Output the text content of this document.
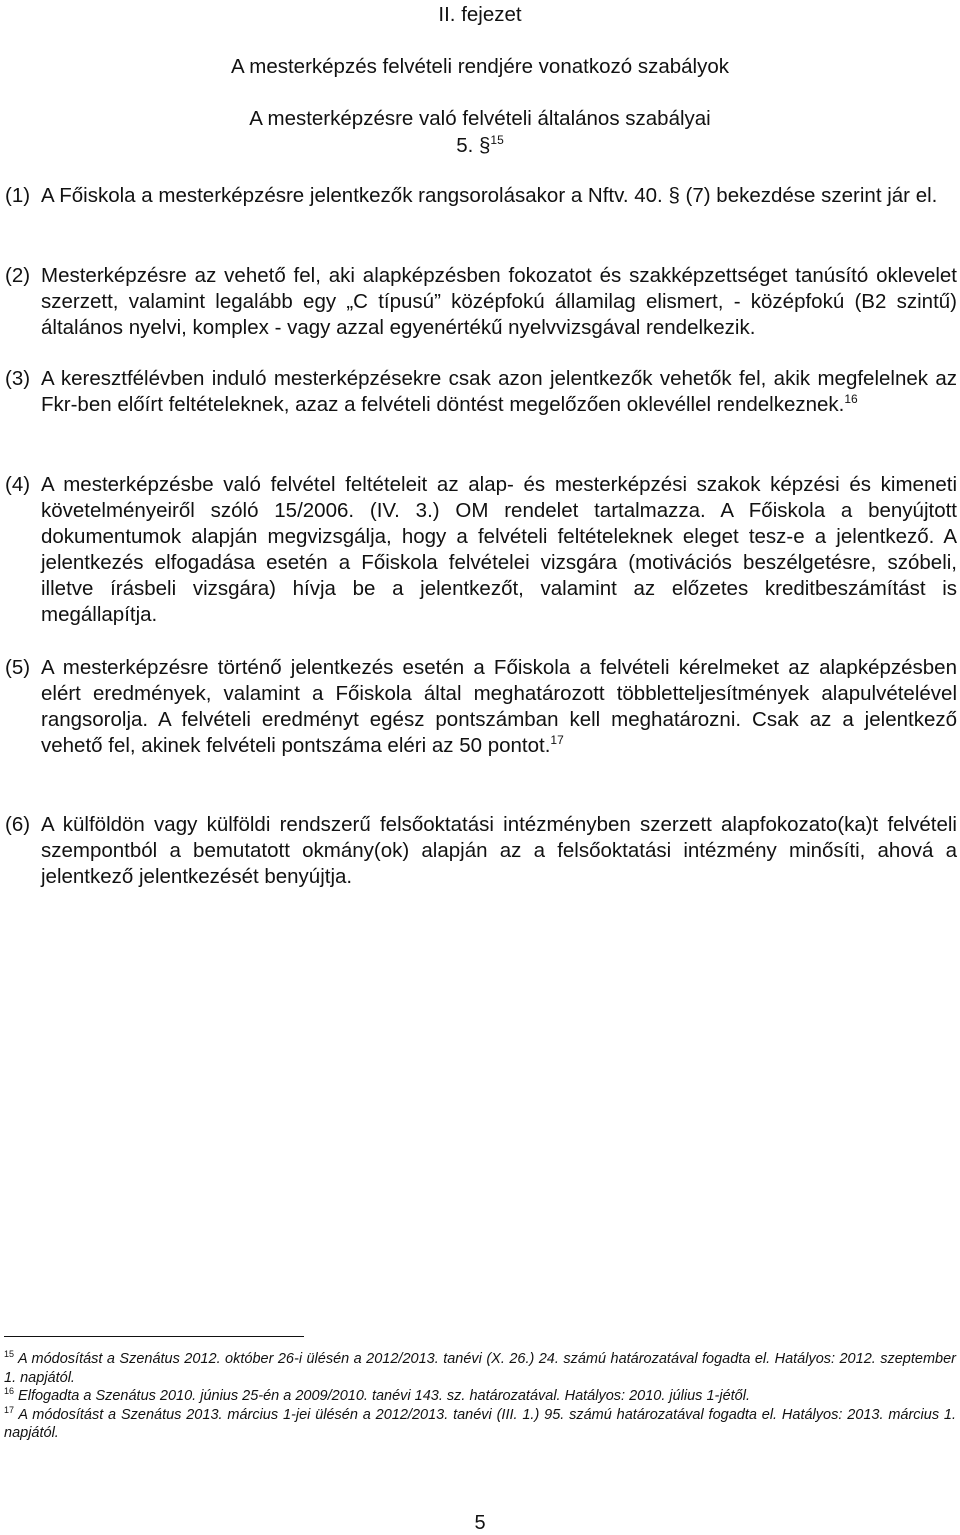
II. fejezet
A mesterképzés felvételi rendjére vonatkozó szabályok
A mesterképzésre való felvételi általános szabályai
5. §$^{15}$
(1) A Főiskola a mesterképzésre jelentkezők rangsorolásakor a Nftv. 40. § (7) bekezdése szerint jár el.
(2) Mesterképzésre az vehető fel, aki alapképzésben fokozatot és szakképzettséget tanúsító oklevelet szerzett, valamint legalább egy „C típusú” középfokú államilag elismert, - középfokú (B2 szintű) általános nyelvi, komplex - vagy azzal egyenértékű nyelvvizsgával rendelkezik.
(3) A keresztfélévben induló mesterképzésekre csak azon jelentkezők vehetők fel, akik megfelelnek az Fkr-ben előírt feltételeknek, azaz a felvételi döntést megelőzően oklevéllel rendelkeznek.$^{16}$
(4) A mesterképzésbe való felvétel feltételeit az alap- és mesterképzési szakok képzési és kimeneti követelményeiről szóló 15/2006. (IV. 3.) OM rendelet tartalmazza. A Főiskola a benyújtott dokumentumok alapján megvizsgálja, hogy a felvételi feltételeknek eleget tesz-e a jelentkező. A jelentkezés elfogadása esetén a Főiskola felvételei vizsgára (motivációs beszélgetésre, szóbeli, illetve írásbeli vizsgára) hívja be a jelentkezőt, valamint az előzetes kreditbeszámítást is megállapítja.
(5) A mesterképzésre történő jelentkezés esetén a Főiskola a felvételi kérelmeket az alapképzésben elért eredmények, valamint a Főiskola által meghatározott többletteljesítmények alapulvételével rangsorolja. A felvételi eredményt egész pontszámban kell meghatározni. Csak az a jelentkező vehető fel, akinek felvételi pontszáma eléri az 50 pontot.$^{17}$
(6) A külföldön vagy külföldi rendszerű felsőoktatási intézményben szerzett alapfokozato(ka)t felvételi szempontból a bemutatott okmány(ok) alapján az a felsőoktatási intézmény minősíti, ahová a jelentkező jelentkezését benyújtja.
$^{15}$ A módosítást a Szenátus 2012. október 26-i ülésén a 2012/2013. tanévi (X. 26.) 24. számú határozatával fogadta el. Hatályos: 2012. szeptember 1. napjától.
$^{16}$ Elfogadta a Szenátus 2010. június 25-én a 2009/2010. tanévi 143. sz. határozatával. Hatályos: 2010. július 1-jétől.
$^{17}$ A módosítást a Szenátus 2013. március 1-jei ülésén a 2012/2013. tanévi (III. 1.) 95. számú határozatával fogadta el. Hatályos: 2013. március 1. napjától.
5
